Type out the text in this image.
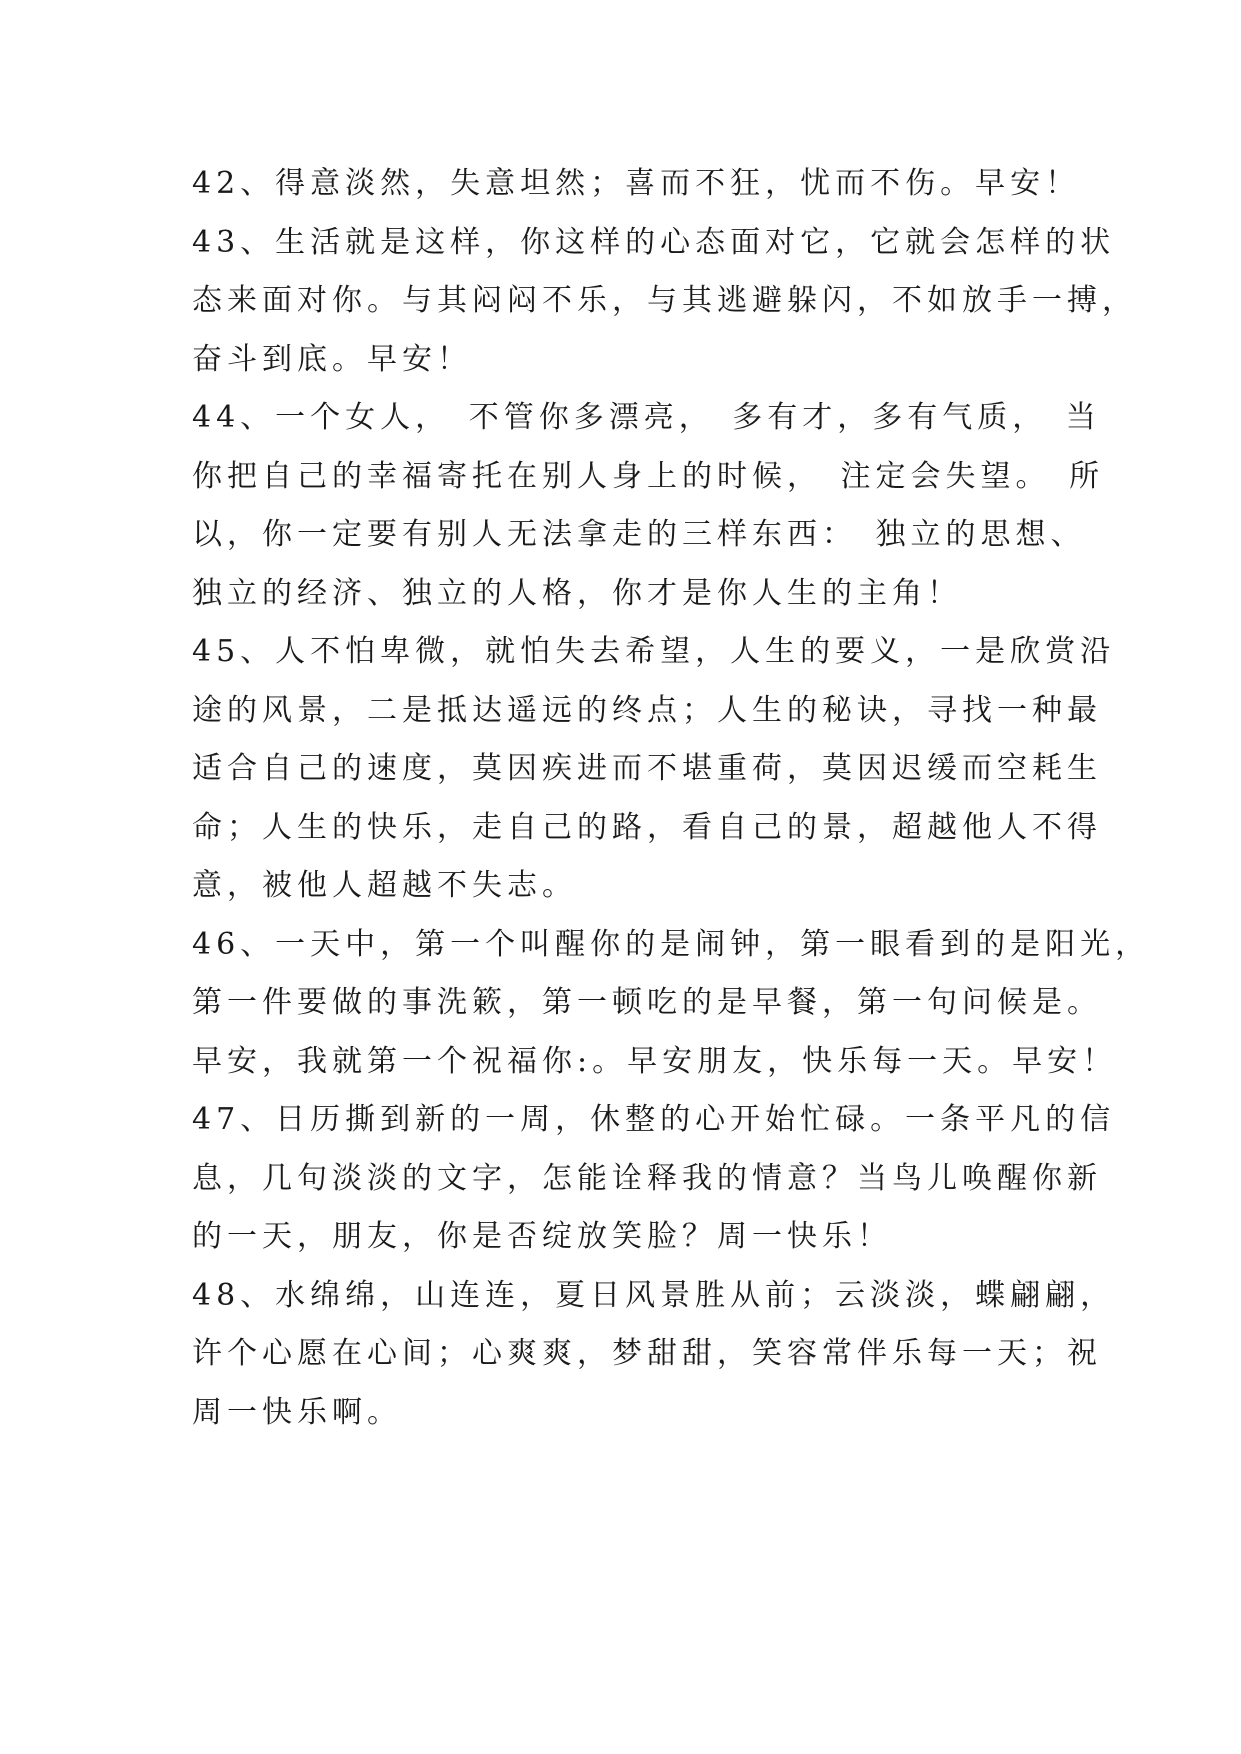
42、得意淡然，失意坦然；喜而不狂，忧而不伤。早安！
43、生活就是这样，你这样的心态面对它，它就会怎样的状
态来面对你。与其闷闷不乐，与其逃避躲闪，不如放手一搏，
奋斗到底。早安！
44、一个女人， 不管你多漂亮， 多有才，多有气质， 当
你把自己的幸福寄托在别人身上的时候， 注定会失望。 所
以，你一定要有别人无法拿走的三样东西： 独立的思想、
独立的经济、独立的人格，你才是你人生的主角！
45、人不怕卑微，就怕失去希望，人生的要义，一是欣赏沿
途的风景，二是抵达遥远的终点；人生的秘诀，寻找一种最
适合自己的速度，莫因疾进而不堪重荷，莫因迟缓而空耗生
命；人生的快乐，走自己的路，看自己的景，超越他人不得
意，被他人超越不失志。
46、一天中，第一个叫醒你的是闹钟，第一眼看到的是阳光，
第一件要做的事洗簌，第一顿吃的是早餐，第一句问候是。
早安，我就第一个祝福你:。早安朋友，快乐每一天。早安！
47、日历撕到新的一周，休整的心开始忙碌。一条平凡的信
息，几句淡淡的文字，怎能诠释我的情意？当鸟儿唤醒你新
的一天，朋友，你是否绽放笑脸？周一快乐！
48、水绵绵，山连连，夏日风景胜从前；云淡淡，蝶翩翩，
许个心愿在心间；心爽爽，梦甜甜，笑容常伴乐每一天；祝
周一快乐啊。
